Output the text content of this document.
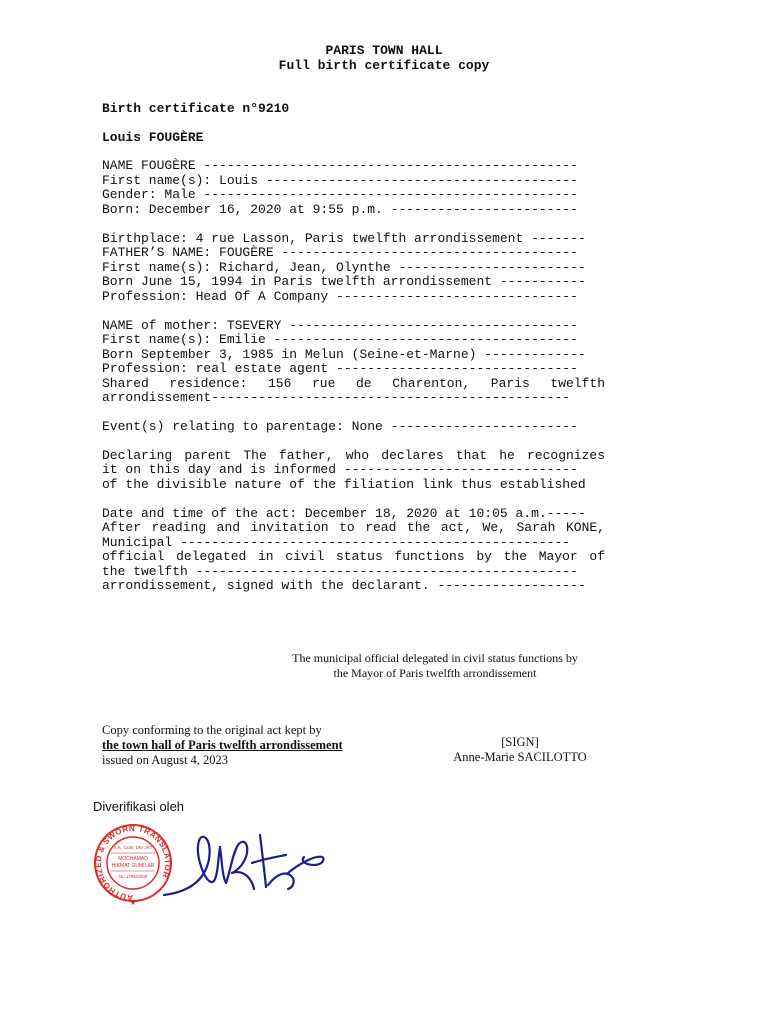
PARIS TOWN HALL
Full birth certificate copy
Birth certificate n°9210
Louis FOUGÈRE
NAME FOUGÈRE ------------------------------------------------
First name(s): Louis ----------------------------------------
Gender: Male ------------------------------------------------
Born: December 16, 2020 at 9:55 p.m. ------------------------
Birthplace: 4 rue Lasson, Paris twelfth arrondissement -------
FATHER’S NAME: FOUGÈRE --------------------------------------
First name(s): Richard, Jean, Olynthe ------------------------
Born June 15, 1994 in Paris twelfth arrondissement -----------
Profession: Head Of A Company -------------------------------
NAME of mother: TSEVERY -------------------------------------
First name(s): Emilie ---------------------------------------
Born September 3, 1985 in Melun (Seine-et-Marne) -------------
Profession: real estate agent -------------------------------
Shared residence: 156 rue de Charenton, Paris twelfth
arrondissement----------------------------------------------
Event(s) relating to parentage: None ------------------------
Declaring parent The father, who declares that he recognizes
it on this day and is informed ------------------------------
of the divisible nature of the filiation link thus established
Date and time of the act: December 18, 2020 at 10:05 a.m.-----
After reading and invitation to read the act, We, Sarah KONE,
Municipal --------------------------------------------------
official delegated in civil status functions by the Mayor of
the twelfth -------------------------------------------------
arrondissement, signed with the declarant. -------------------
The municipal official delegated in civil status functions by
the Mayor of Paris twelfth arrondissement
Copy conforming to the original act kept by
the town hall of Paris twelfth arrondissement
issued on August 4, 2023
[SIGN]
Anne-Marie SACILOTTO
Diverifikasi oleh
AUTHORIZED & SWORN TRANSLATOR
S.K. GUB. DKI JKT
MOCHAMAD
HIKMAT GUMILAR
No.1765/2008
★
